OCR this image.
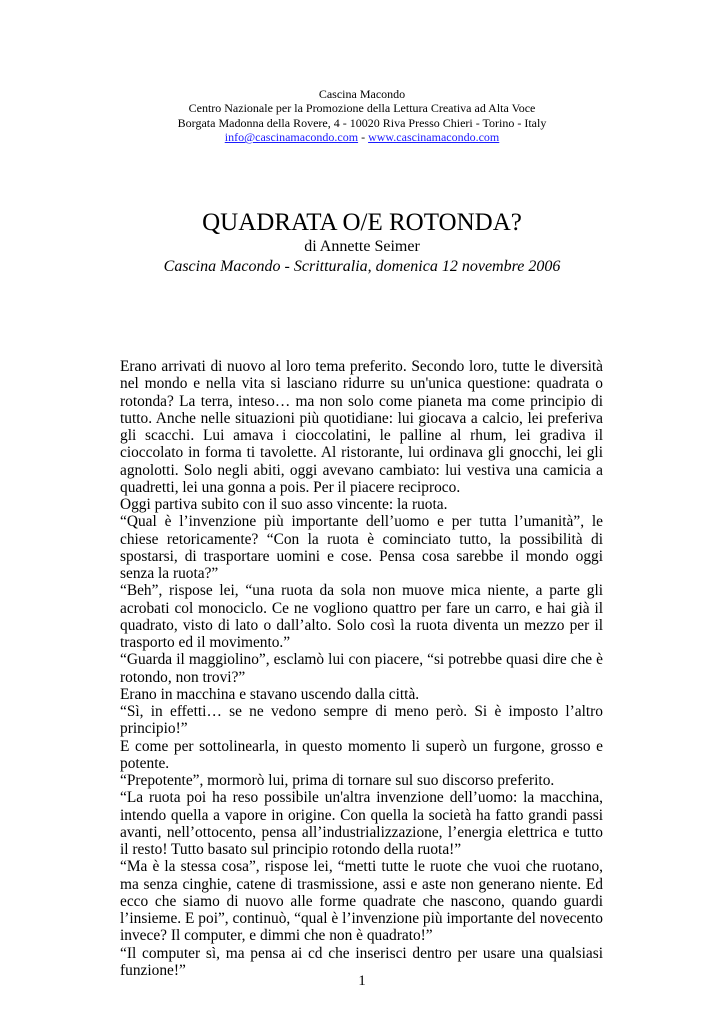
Cascina Macondo
Centro Nazionale per la Promozione della Lettura Creativa ad Alta Voce
Borgata Madonna della Rovere, 4 - 10020 Riva Presso Chieri - Torino - Italy
info@cascinamacondo.com - www.cascinamacondo.com
QUADRATA O/E ROTONDA?
di Annette Seimer
Cascina Macondo - Scritturalia, domenica 12 novembre 2006

Erano arrivati di nuovo al loro tema preferito. Secondo loro, tutte le diversità nel mondo e nella vita si lasciano ridurre su un'unica questione: quadrata o rotonda? La terra, inteso… ma non solo come pianeta ma come principio di tutto. Anche nelle situazioni più quotidiane: lui giocava a calcio, lei preferiva gli scacchi. Lui amava i cioccolatini, le palline al rhum, lei gradiva il cioccolato in forma ti tavolette. Al ristorante, lui ordinava gli gnocchi, lei gli agnolotti. Solo negli abiti, oggi avevano cambiato: lui vestiva una camicia a quadretti, lei una gonna a pois. Per il piacere reciproco.

Oggi partiva subito con il suo asso vincente: la ruota.

“Qual è l’invenzione più importante dell’uomo e per tutta l’umanità”, le chiese retoricamente? “Con la ruota è cominciato tutto, la possibilità di spostarsi, di trasportare uomini e cose. Pensa cosa sarebbe il mondo oggi senza la ruota?”

“Beh”, rispose lei, “una ruota da sola non muove mica niente, a parte gli acrobati col monociclo. Ce ne vogliono quattro per fare un carro, e hai già il quadrato, visto di lato o dall’alto. Solo così la ruota diventa un mezzo per il trasporto ed il movimento.”

“Guarda il maggiolino”, esclamò lui con piacere, “si potrebbe quasi dire che è rotondo, non trovi?”

Erano in macchina e stavano uscendo dalla città.

“Sì, in effetti… se ne vedono sempre di meno però. Si è imposto l’altro principio!”

E come per sottolinearla, in questo momento li superò un furgone, grosso e potente.

“Prepotente”, mormorò lui, prima di tornare sul suo discorso preferito.

“La ruota poi ha reso possibile un'altra invenzione dell’uomo: la macchina, intendo quella a vapore in origine. Con quella la società ha fatto grandi passi avanti, nell’ottocento, pensa all’industrializzazione, l’energia elettrica e tutto il resto! Tutto basato sul principio rotondo della ruota!”

“Ma è la stessa cosa”, rispose lei, “metti tutte le ruote che vuoi che ruotano, ma senza cinghie, catene di trasmissione, assi e aste non generano niente. Ed ecco che siamo di nuovo alle forme quadrate che nascono, quando guardi l’insieme. E poi”, continuò, “qual è l’invenzione più importante del novecento invece? Il computer, e dimmi che non è quadrato!”

“Il computer sì, ma pensa ai cd che inserisci dentro per usare una qualsiasi funzione!”

1
